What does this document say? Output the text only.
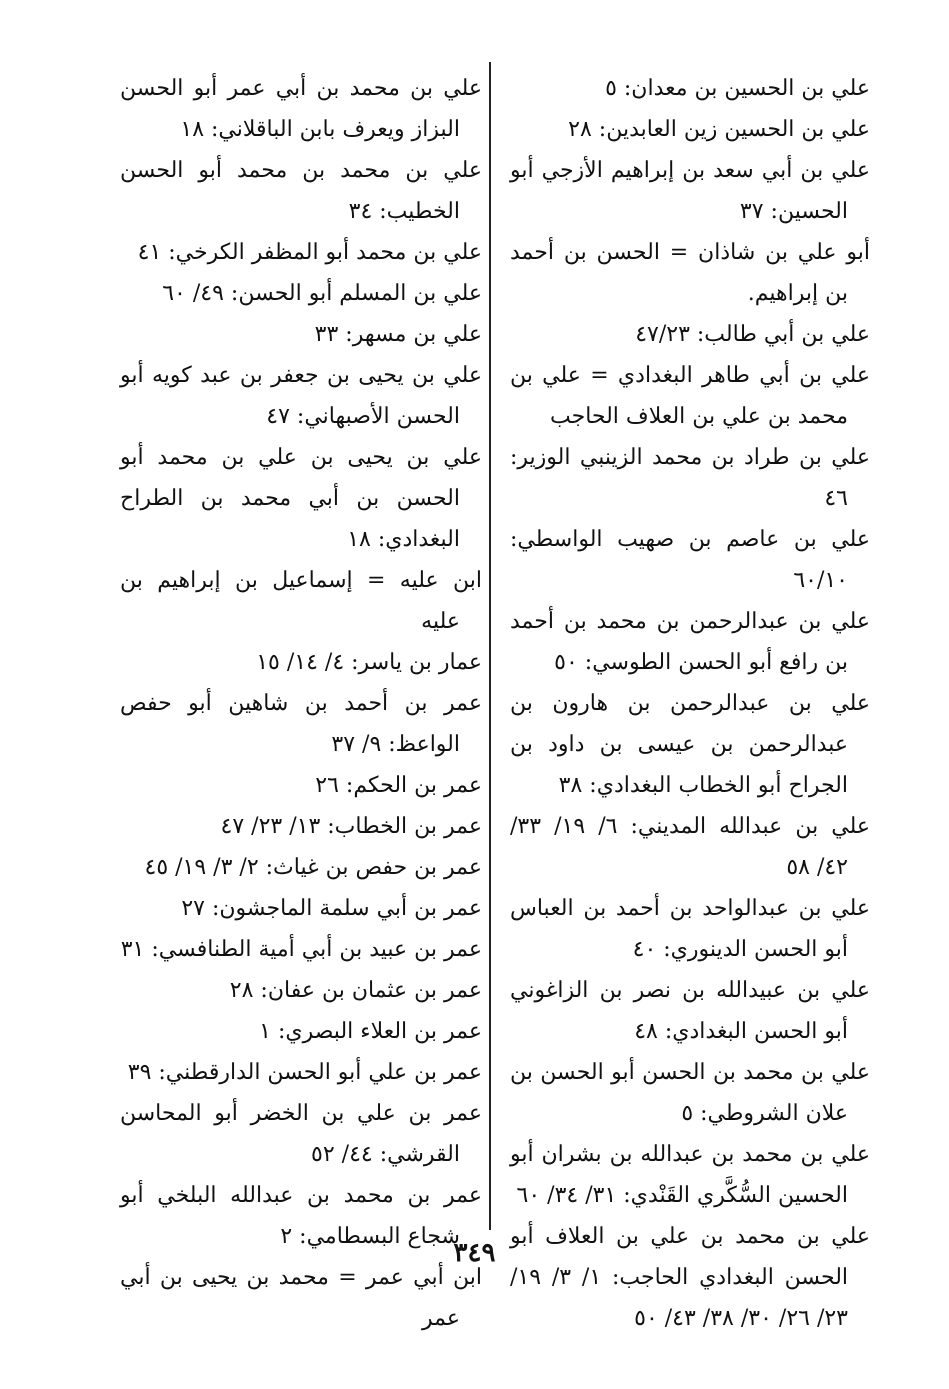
علي بن الحسين بن معدان: ٥

علي بن الحسين زين العابدين: ٢٨

علي بن أبي سعد بن إبراهيم الأزجي أبو الحسين: ٣٧

أبو علي بن شاذان = الحسن بن أحمد بن إبراهيم.

علي بن أبي طالب: ٤٧/٢٣

علي بن أبي طاهر البغدادي = علي بن محمد بن علي بن العلاف الحاجب

علي بن طراد بن محمد الزينبي الوزير: ٤٦

علي بن عاصم بن صهيب الواسطي: ٦٠/١٠

علي بن عبدالرحمن بن محمد بن أحمد بن رافع أبو الحسن الطوسي: ٥٠

علي بن عبدالرحمن بن هارون بن عبدالرحمن بن عيسى بن داود بن الجراح أبو الخطاب البغدادي: ٣٨

علي بن عبدالله المديني: ٦/ ١٩/ ٣٣/ ٤٢/ ٥٨

علي بن عبدالواحد بن أحمد بن العباس أبو الحسن الدينوري: ٤٠

علي بن عبيدالله بن نصر بن الزاغوني أبو الحسن البغدادي: ٤٨

علي بن محمد بن الحسن أبو الحسن بن علان الشروطي: ٥

علي بن محمد بن عبدالله بن بشران أبو الحسين السُّكَّري القَنْدي: ٣١/ ٣٤/ ٦٠

علي بن محمد بن علي بن العلاف أبو الحسن البغدادي الحاجب: ١/ ٣/ ١٩/ ٢٣/ ٢٦/ ٣٠/ ٣٨/ ٤٣/ ٥٠

علي بن محمد بن أبي عمر أبو الحسن البزاز ويعرف بابن الباقلاني: ١٨

علي بن محمد بن محمد أبو الحسن الخطيب: ٣٤

علي بن محمد أبو المظفر الكرخي: ٤١

علي بن المسلم أبو الحسن: ٤٩/ ٦٠

علي بن مسهر: ٣٣

علي بن يحيى بن جعفر بن عبد كويه أبو الحسن الأصبهاني: ٤٧

علي بن يحيى بن علي بن محمد أبو الحسن بن أبي محمد بن الطراح البغدادي: ١٨

ابن عليه = إسماعيل بن إبراهيم بن عليه

عمار بن ياسر: ٤/ ١٤/ ١٥

عمر بن أحمد بن شاهين أبو حفص الواعظ: ٩/ ٣٧

عمر بن الحكم: ٢٦

عمر بن الخطاب: ١٣/ ٢٣/ ٤٧

عمر بن حفص بن غياث: ٢/ ٣/ ١٩/ ٤٥

عمر بن أبي سلمة الماجشون: ٢٧

عمر بن عبيد بن أبي أمية الطنافسي: ٣١

عمر بن عثمان بن عفان: ٢٨

عمر بن العلاء البصري: ١

عمر بن علي أبو الحسن الدارقطني: ٣٩

عمر بن علي بن الخضر أبو المحاسن القرشي: ٤٤/ ٥٢

عمر بن محمد بن عبدالله البلخي أبو شجاع البسطامي: ٢

ابن أبي عمر = محمد بن يحيى بن أبي عمر

٣٤٩
